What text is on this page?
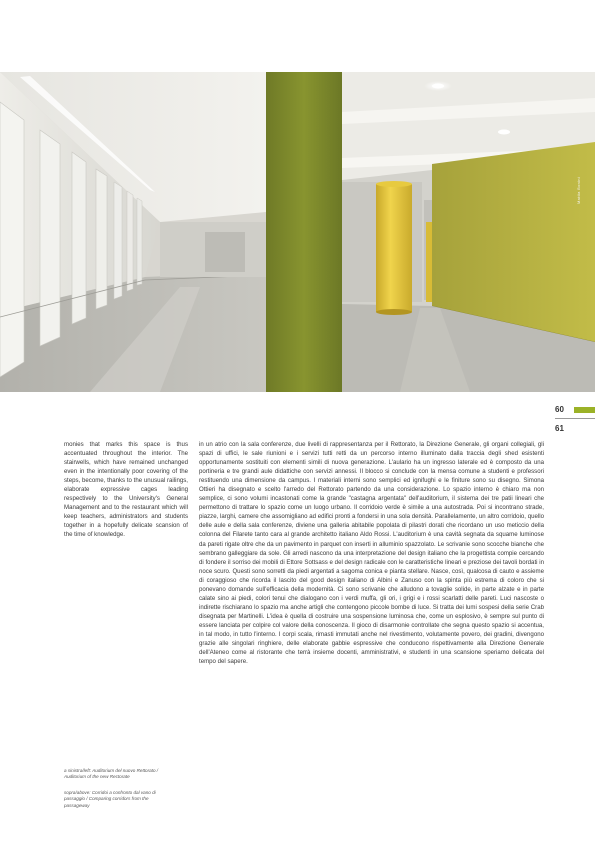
Mattia Bonini
60
61
monies that marks this space is thus accentuated throughout the interior. The stairwells, which have remained unchanged even in the intentionally poor covering of the steps, become, thanks to the unusual railings, elaborate expressive cages leading respectively to the University's General Management and to the restaurant which will keep teachers, administrators and students together in a hopefully delicate scansion of the time of knowledge.
a sinistra/left: Auditorium del nuovo Rettorato / Auditorium of the new Rectorate
sopra/above: Corridoi a confronto dal vano di passaggio / Comparing corridors from the passageway
in un atrio con la sala conferenze, due livelli di rappresentanza per il Rettorato, la Direzione Generale, gli organi collegiali, gli spazi di uffici, le sale riunioni e i servizi tutti retti da un percorso interno illuminato dalla traccia degli shed esistenti opportunamente sostituiti con elementi simili di nuova generazione. L'aulario ha un ingresso laterale ed è composto da una portineria e tre grandi aule didattiche con servizi annessi. Il blocco si conclude con la mensa comune a studenti e professori restituendo una dimensione da campus. I materiali interni sono semplici ed ignifughi e le finiture sono su disegno. Simona Ottieri ha disegnato e scelto l'arredo del Rettorato partendo da una considerazione. Lo spazio interno è chiaro ma non semplice, ci sono volumi incastonati come la grande "castagna argentata" dell'auditorium, il sistema dei tre patii lineari che permettono di trattare lo spazio come un luogo urbano. Il corridoio verde è simile a una autostrada. Poi si incontrano strade, piazze, larghi, camere che assomigliano ad edifici pronti a fondersi in una sola densità. Parallelamente, un altro corridoio, quello delle aule e della sala conferenze, diviene una galleria abitabile popolata di pilastri dorati che ricordano un uso meticcio della colonna del Filarete tanto cara al grande architetto italiano Aldo Rossi. L'auditorium è una cavità segnata da squame luminose da pareti rigate oltre che da un pavimento in parquet con inserti in alluminio spazzolato. Le scrivanie sono scocche bianche che sembrano galleggiare da sole. Gli arredi nascono da una interpretazione del design italiano che la progettista compie cercando di fondere il sorriso dei mobili di Ettore Sottsass e del design radicale con le caratteristiche lineari e preziose dei tavoli bordati in noce scuro. Questi sono sorretti da piedi argentati a sagoma conica e pianta stellare. Nasce, così, qualcosa di cauto e assieme di coraggioso che ricorda il lascito del good design italiano di Albini e Zanuso con la spinta più estrema di coloro che si ponevano domande sull'efficacia della modernità. Ci sono scrivanie che alludono a tovaglie solide, in parte alzate e in parte calate sino ai piedi, colori tenui che dialogano con i verdi muffa, gli ori, i grigi e i rossi scarlatti delle pareti. Luci nascoste o indirette rischiarano lo spazio ma anche artigli che contengono piccole bombe di luce. Si tratta dei lumi sospesi della serie Crab disegnata per Martinelli. L'idea è quella di costruire una sospensione luminosa che, come un esplosivo, è sempre sul punto di essere lanciata per colpire col valore della conoscenza. Il gioco di disarmonie controllate che segna questo spazio si accentua, in tal modo, in tutto l'interno. I corpi scala, rimasti immutati anche nel rivestimento, volutamente povero, dei gradini, divengono grazie alle singolari ringhiere, delle elaborate gabbie espressive che conducono rispettivamente alla Direzione Generale dell'Ateneo come al ristorante che terrà insieme docenti, amministrativi, e studenti in una scansione speriamo delicata del tempo del sapere.
